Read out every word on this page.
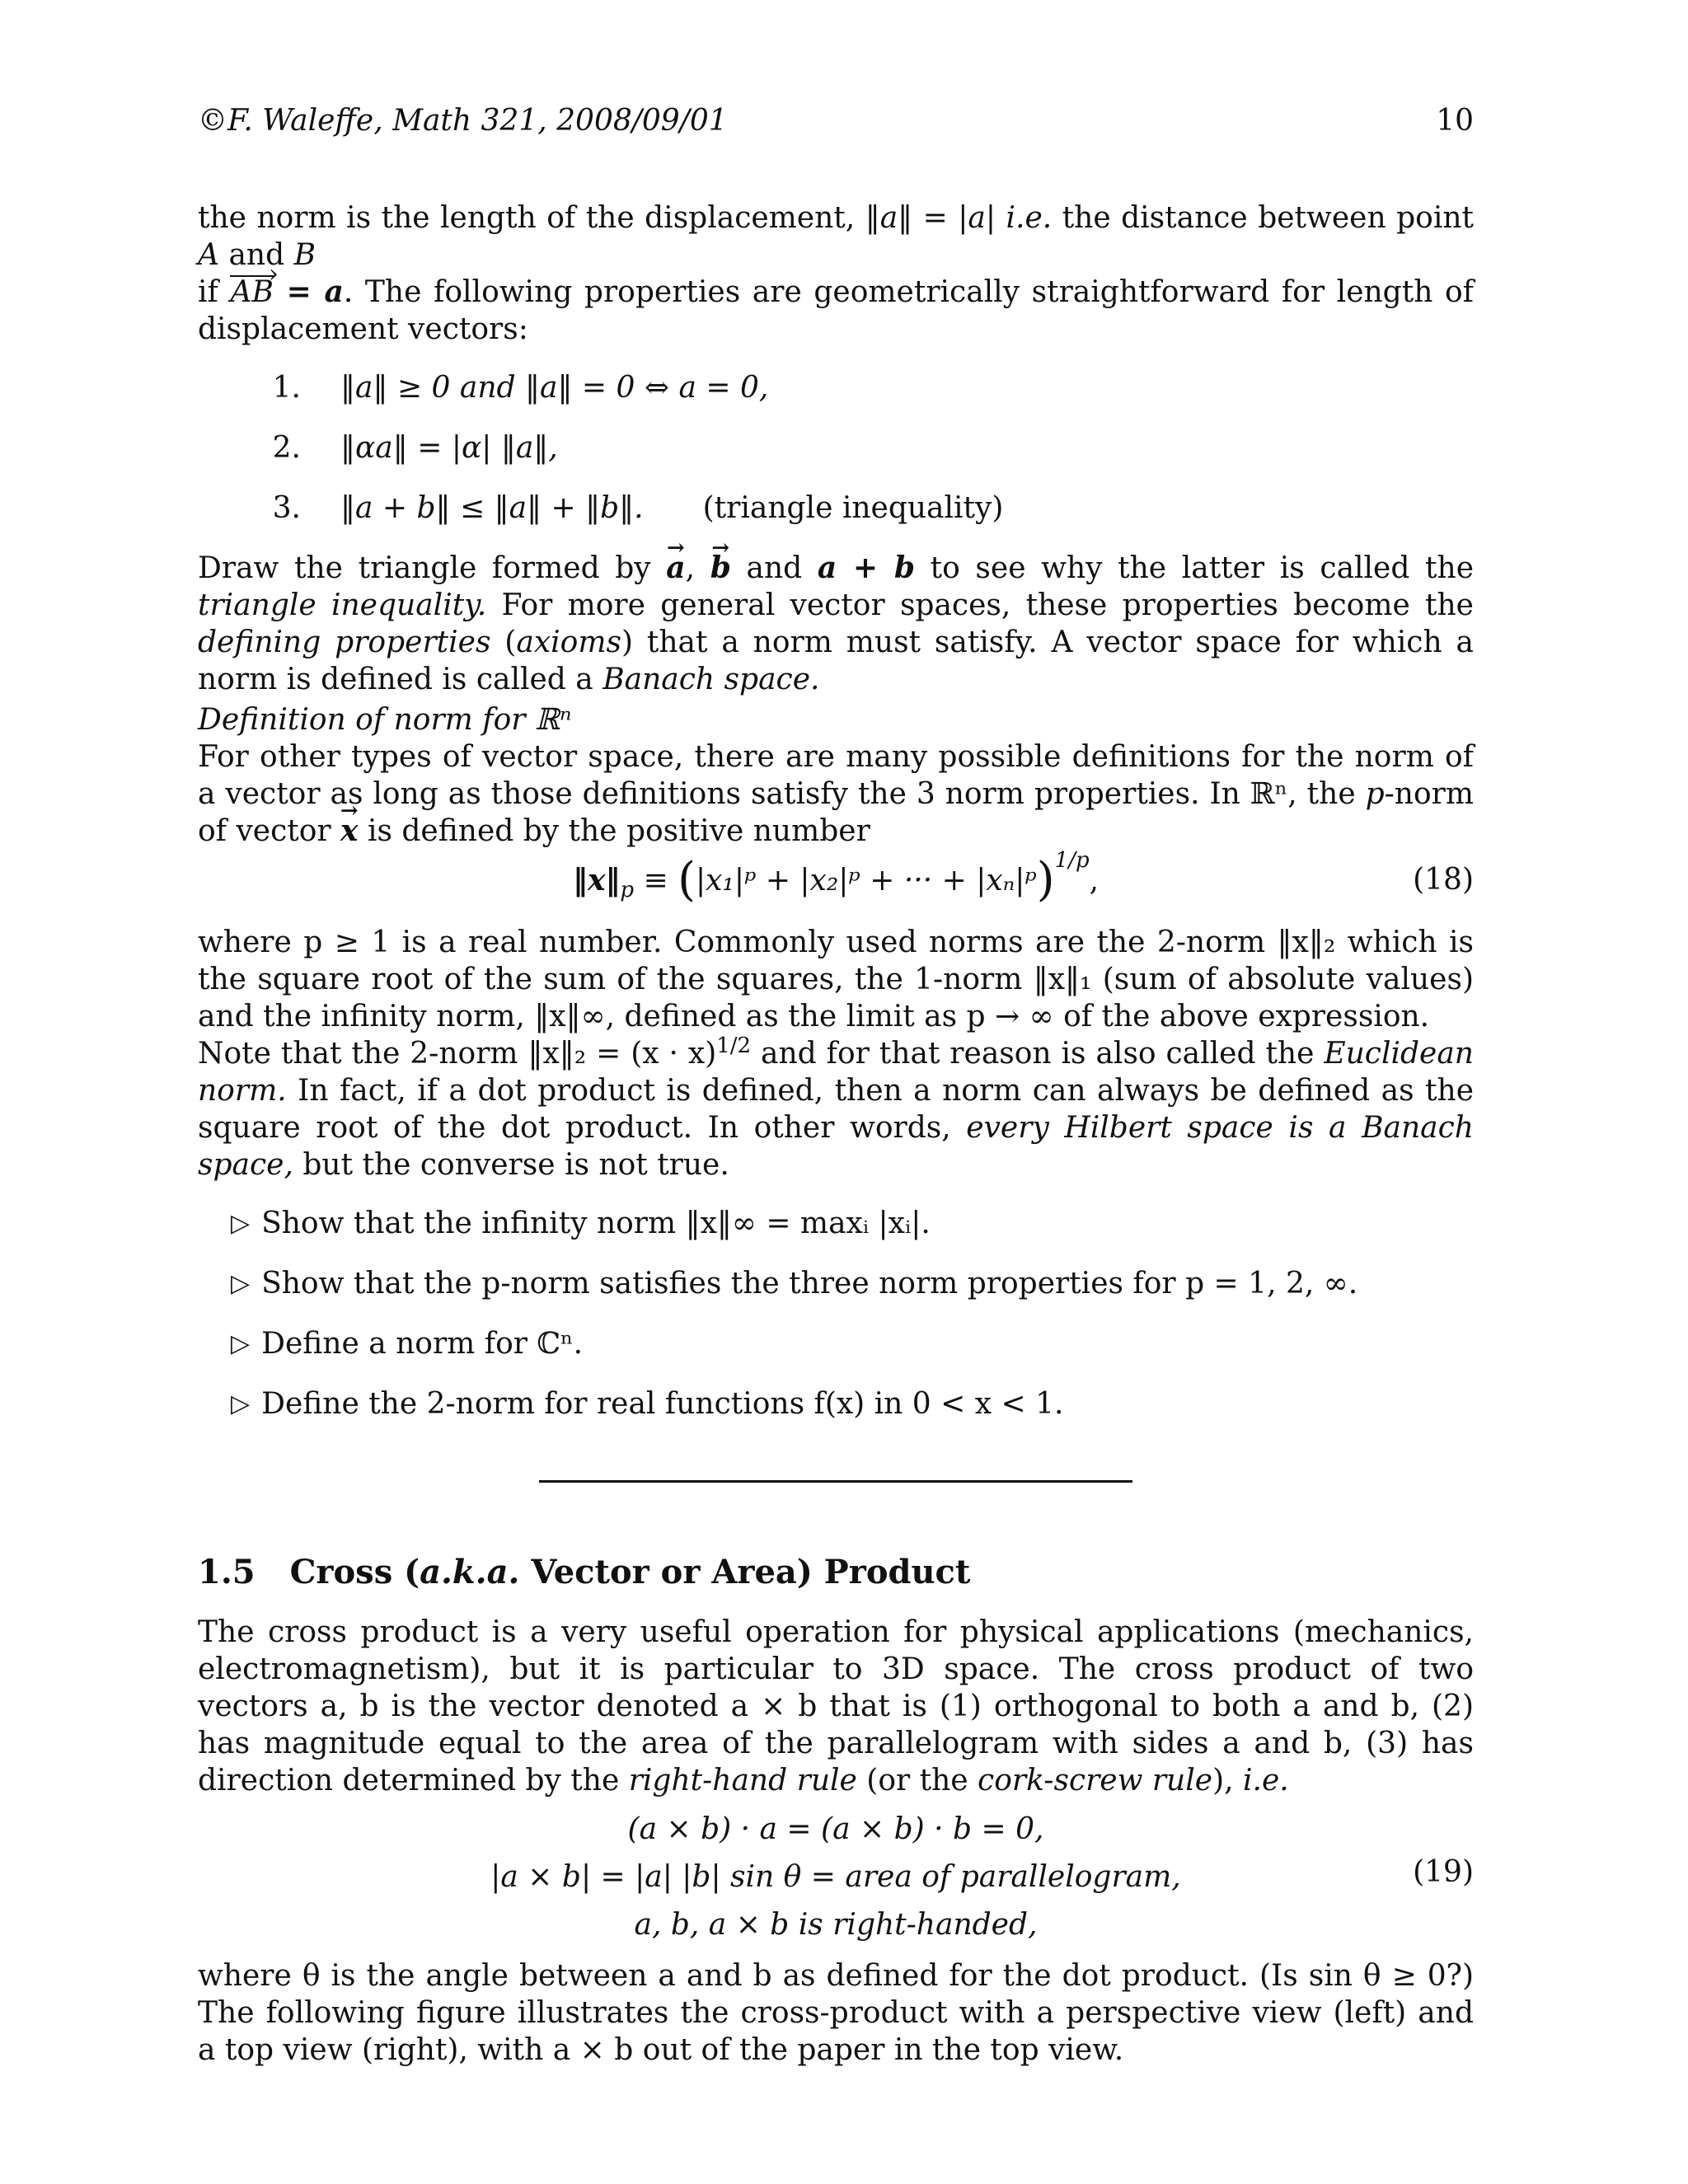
©F. Waleffe, Math 321, 2008/09/01	10

the norm is the length of the displacement, ‖a‖ = |a| i.e. the distance between point A and B
if AB › = a. The following properties are geometrically straightforward for length of displacement vectors:

1.	‖a‖ ≥ 0 and ‖a‖ = 0 ⇔ a = 0,
2.	‖αa‖ = |α| ‖a‖,
3.	‖a + b‖ ≤ ‖a‖ + ‖b‖. (triangle inequality)

Draw the triangle formed by → a, → b and a + b to see why the latter is called the triangle inequality. For more general vector spaces, these properties become the defining properties (axioms) that a norm must satisfy. A vector space for which a norm is defined is called a Banach space.

Definition of norm for ℝⁿ

For other types of vector space, there are many possible definitions for the norm of a vector as long as those definitions satisfy the 3 norm properties. In ℝⁿ, the p-norm of vector → x is defined by the positive number

$‖x‖_p$ ≡ (|x₁|ᵖ + |x₂|ᵖ + ··· + |xₙ|ᵖ)$^{1/p}$,	(18)

where p ≥ 1 is a real number. Commonly used norms are the 2-norm ‖x‖₂ which is the square root of the sum of the squares, the 1-norm ‖x‖₁ (sum of absolute values) and the infinity norm, ‖x‖∞, defined as the limit as p → ∞ of the above expression.

Note that the 2-norm ‖x‖₂ = $(x \cdot x)^{1/2}$ and for that reason is also called the Euclidean norm. In fact, if a dot product is defined, then a norm can always be defined as the square root of the dot product. In other words, every Hilbert space is a Banach space, but the converse is not true.

▷ Show that the infinity norm ‖x‖∞ = maxᵢ |xᵢ|.
▷ Show that the p-norm satisfies the three norm properties for p = 1, 2, ∞.
▷ Define a norm for ℂⁿ.
▷ Define the 2-norm for real functions f(x) in 0 < x < 1.
1.5 Cross (a.k.a. Vector or Area) Product

The cross product is a very useful operation for physical applications (mechanics, electromagnetism), but it is particular to 3D space. The cross product of two vectors a, b is the vector denoted a × b that is (1) orthogonal to both a and b, (2) has magnitude equal to the area of the parallelogram with sides a and b, (3) has direction determined by the right-hand rule (or the cork-screw rule), i.e.

(a × b) · a = (a × b) · b = 0,
|a × b| = |a| |b| sin θ = area of parallelogram,
a, b, a × b is right-handed,
(19)

where θ is the angle between a and b as defined for the dot product. (Is sin θ ≥ 0?) The following figure illustrates the cross-product with a perspective view (left) and a top view (right), with a × b out of the paper in the top view.
